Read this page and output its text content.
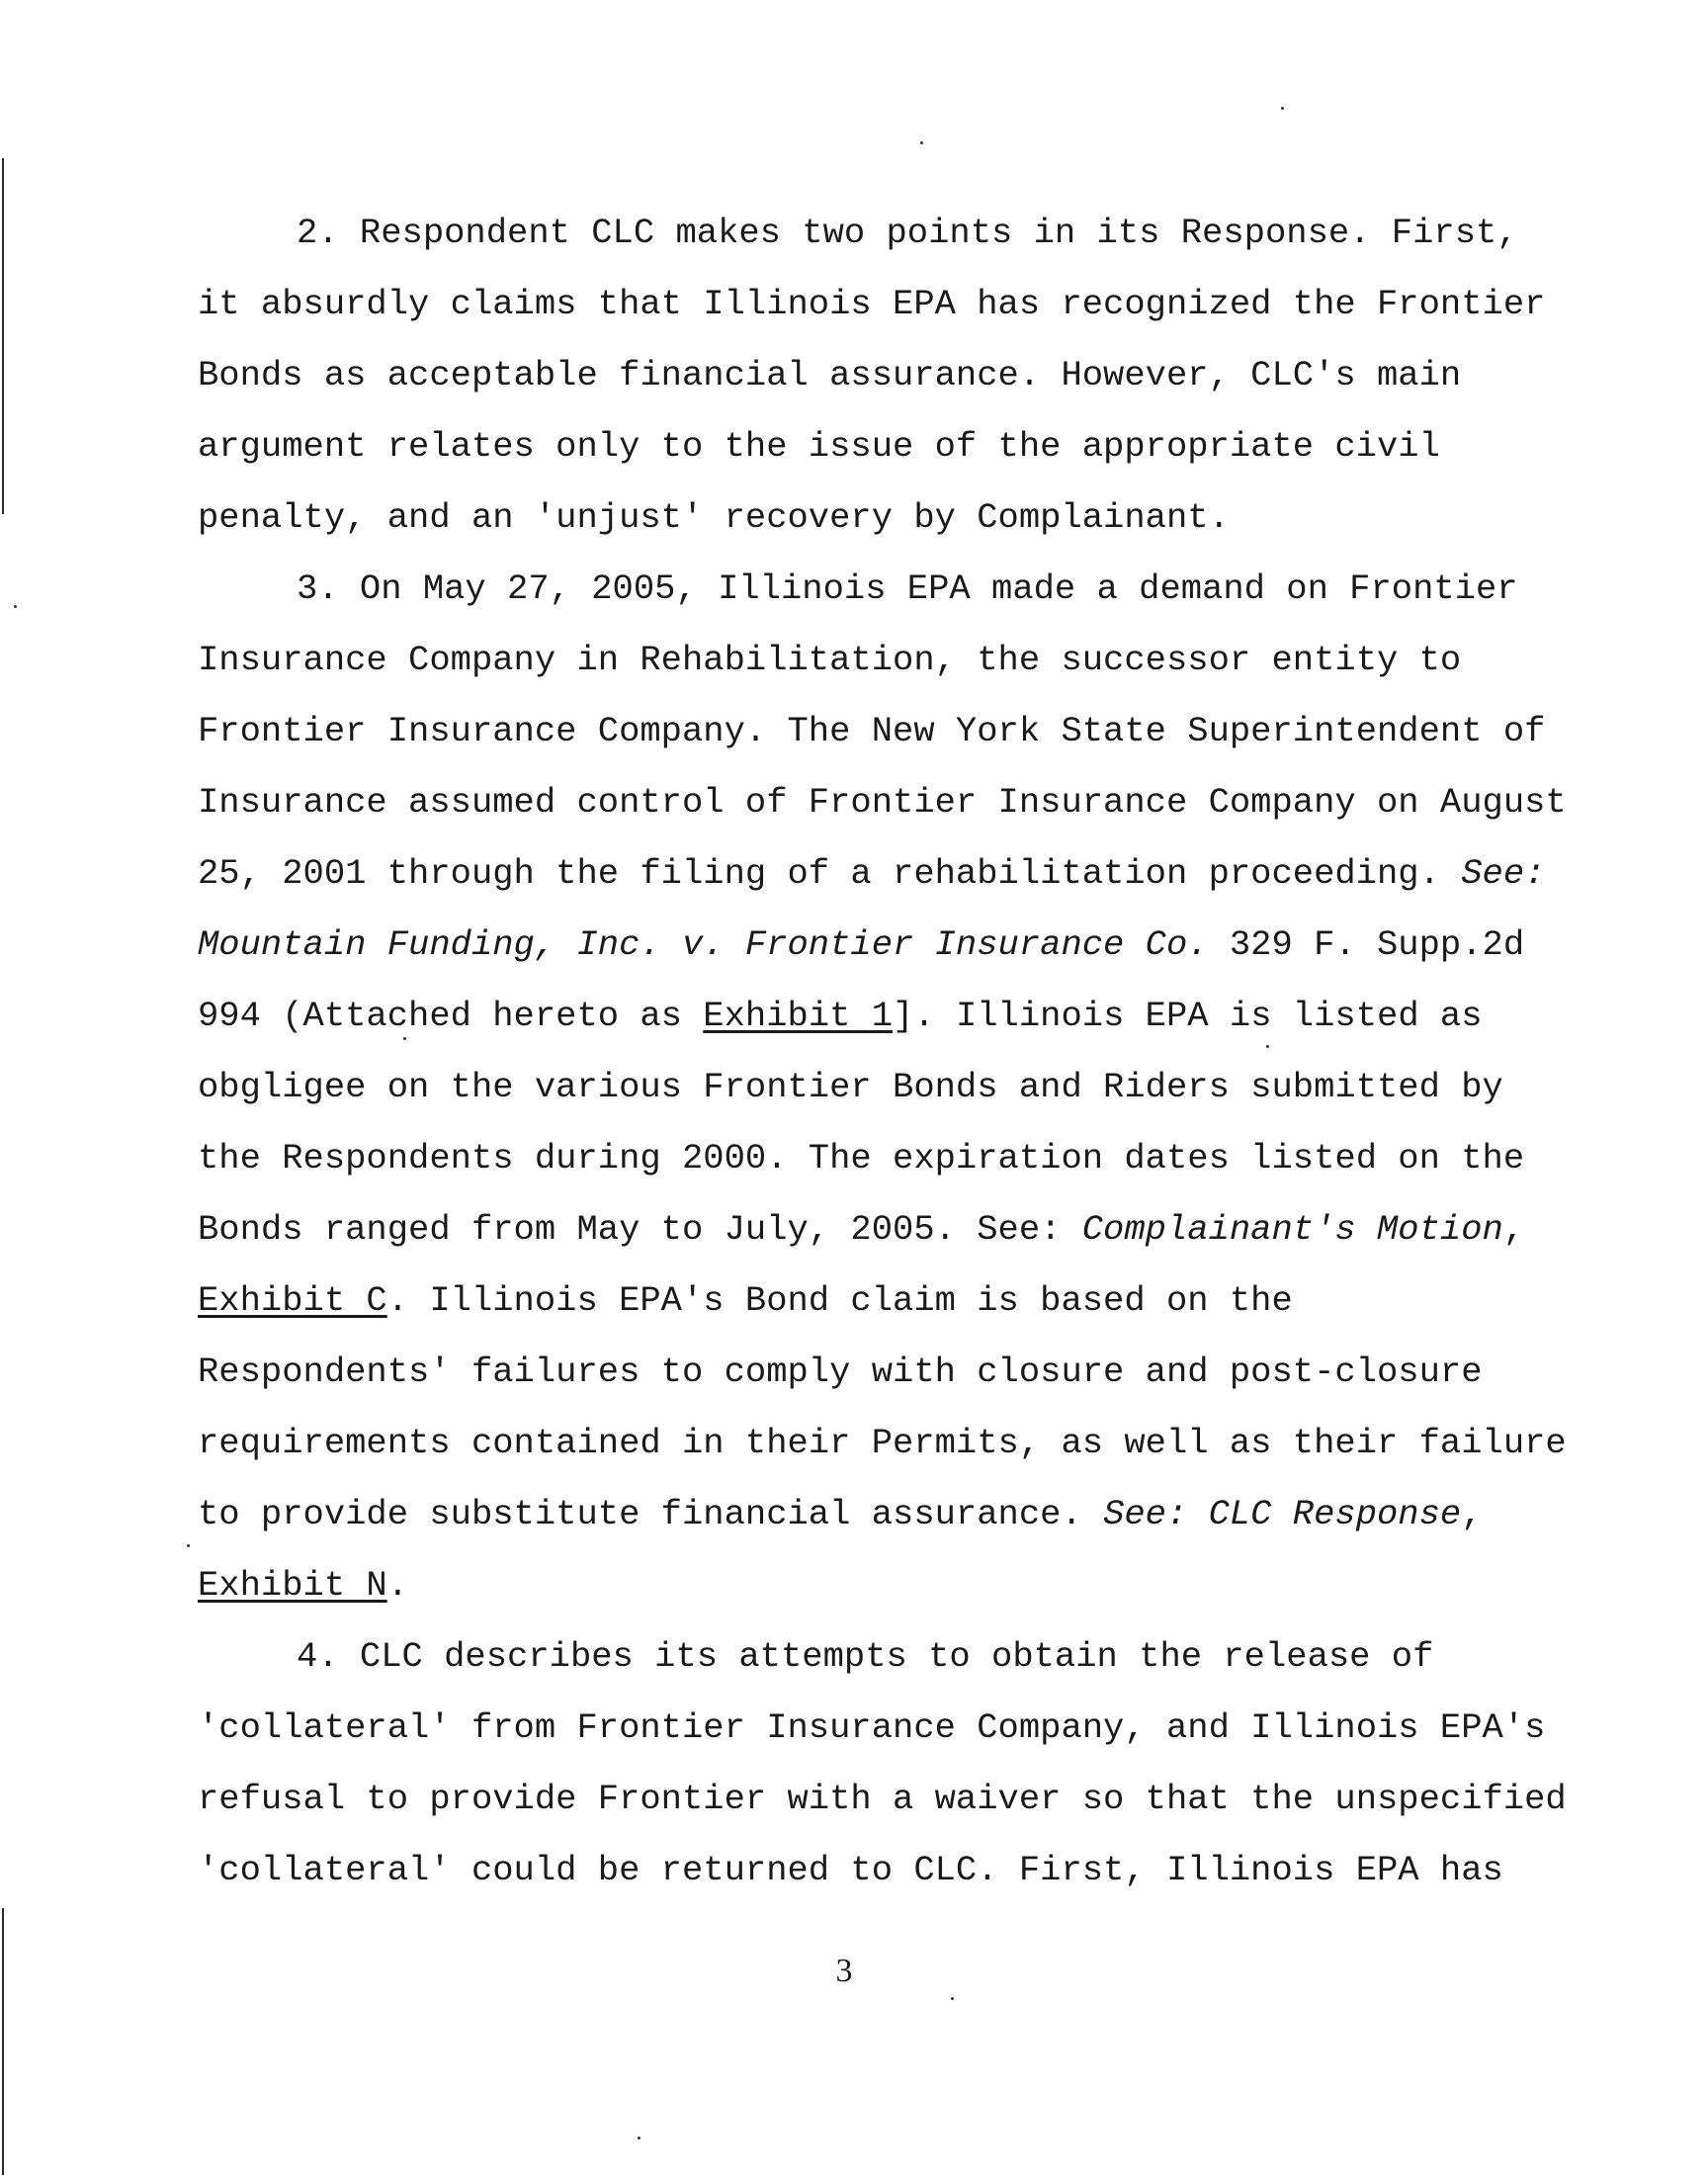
2. Respondent CLC makes two points in its Response. First,
it absurdly claims that Illinois EPA has recognized the Frontier
Bonds as acceptable financial assurance. However, CLC's main
argument relates only to the issue of the appropriate civil
penalty, and an 'unjust' recovery by Complainant.
3. On May 27, 2005, Illinois EPA made a demand on Frontier
Insurance Company in Rehabilitation, the successor entity to
Frontier Insurance Company. The New York State Superintendent of
Insurance assumed control of Frontier Insurance Company on August
25, 2001 through the filing of a rehabilitation proceeding. See:
Mountain Funding, Inc. v. Frontier Insurance Co. 329 F. Supp.2d
994 (Attached hereto as Exhibit 1]. Illinois EPA is listed as
obgligee on the various Frontier Bonds and Riders submitted by
the Respondents during 2000. The expiration dates listed on the
Bonds ranged from May to July, 2005. See: Complainant's Motion,
Exhibit C. Illinois EPA's Bond claim is based on the
Respondents' failures to comply with closure and post-closure
requirements contained in their Permits, as well as their failure
to provide substitute financial assurance. See: CLC Response,
Exhibit N.
4. CLC describes its attempts to obtain the release of
'collateral' from Frontier Insurance Company, and Illinois EPA's
refusal to provide Frontier with a waiver so that the unspecified
'collateral' could be returned to CLC. First, Illinois EPA has
3
